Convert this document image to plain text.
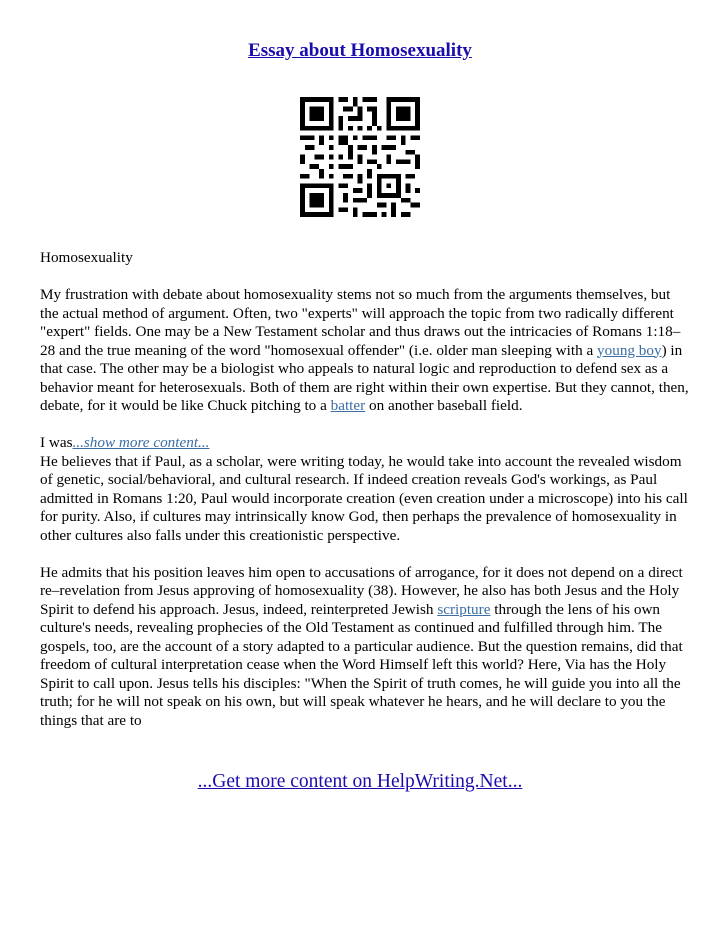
Essay about Homosexuality

Homosexuality

My frustration with debate about homosexuality stems not so much from the arguments themselves, but the actual method of argument. Often, two "experts" will approach the topic from two radically different "expert" fields. One may be a New Testament scholar and thus draws out the intricacies of Romans 1:18–28 and the true meaning of the word "homosexual offender" (i.e. older man sleeping with a young boy) in that case. The other may be a biologist who appeals to natural logic and reproduction to defend sex as a behavior meant for heterosexuals. Both of them are right within their own expertise. But they cannot, then, debate, for it would be like Chuck pitching to a batter on another baseball field.

I was...show more content...
He believes that if Paul, as a scholar, were writing today, he would take into account the revealed wisdom of genetic, social/behavioral, and cultural research. If indeed creation reveals God's workings, as Paul admitted in Romans 1:20, Paul would incorporate creation (even creation under a microscope) into his call for purity. Also, if cultures may intrinsically know God, then perhaps the prevalence of homosexuality in other cultures also falls under this creationistic perspective.

He admits that his position leaves him open to accusations of arrogance, for it does not depend on a direct re–revelation from Jesus approving of homosexuality (38). However, he also has both Jesus and the Holy Spirit to defend his approach. Jesus, indeed, reinterpreted Jewish scripture through the lens of his own culture's needs, revealing prophecies of the Old Testament as continued and fulfilled through him. The gospels, too, are the account of a story adapted to a particular audience. But the question remains, did that freedom of cultural interpretation cease when the Word Himself left this world? Here, Via has the Holy Spirit to call upon. Jesus tells his disciples: "When the Spirit of truth comes, he will guide you into all the truth; for he will not speak on his own, but will speak whatever he hears, and he will declare to you the things that are to

...Get more content on HelpWriting.Net...
